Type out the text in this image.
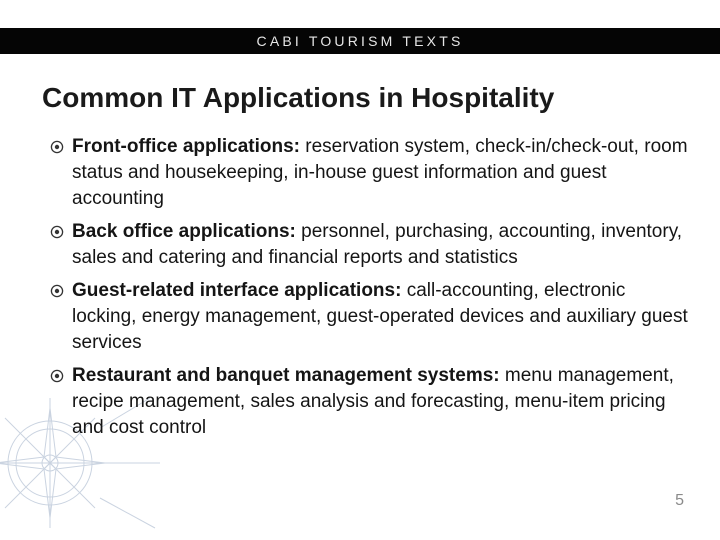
CABI TOURISM TEXTS
Common IT Applications in Hospitality
Front-office applications: reservation system, check-in/check-out, room status and housekeeping, in-house guest information and guest accounting
Back office applications: personnel, purchasing, accounting, inventory, sales and catering and financial reports and statistics
Guest-related interface applications: call-accounting, electronic locking, energy management, guest-operated devices and auxiliary guest services
Restaurant and banquet management systems: menu management, recipe management, sales analysis and forecasting, menu-item pricing and cost control
5
